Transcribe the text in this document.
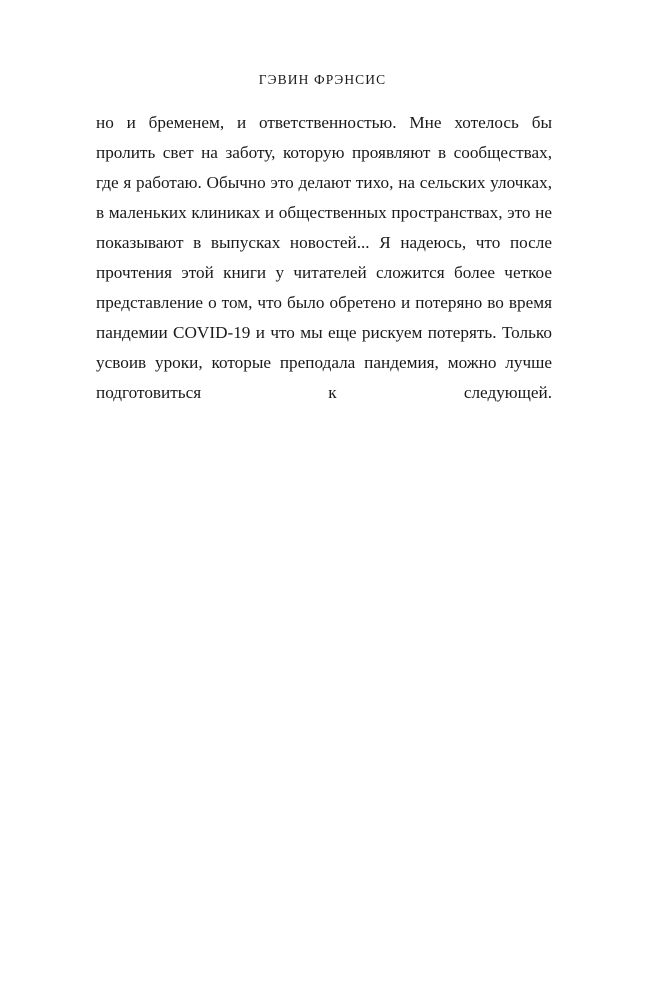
ГЭВИН ФРЭНСИС

но и бременем, и ответственностью. Мне хотелось бы пролить свет на заботу, которую проявляют в сообществах, где я работаю. Обычно это делают тихо, на сельских улочках, в маленьких клиниках и общественных пространствах, это не показывают в выпусках новостей... Я надеюсь, что после прочтения этой книги у читателей сложится более четкое представление о том, что было обретено и потеряно во время пандемии COVID-19 и что мы еще рискуем потерять. Только усвоив уроки, которые преподала пандемия, можно лучше подготовиться к следующей.
